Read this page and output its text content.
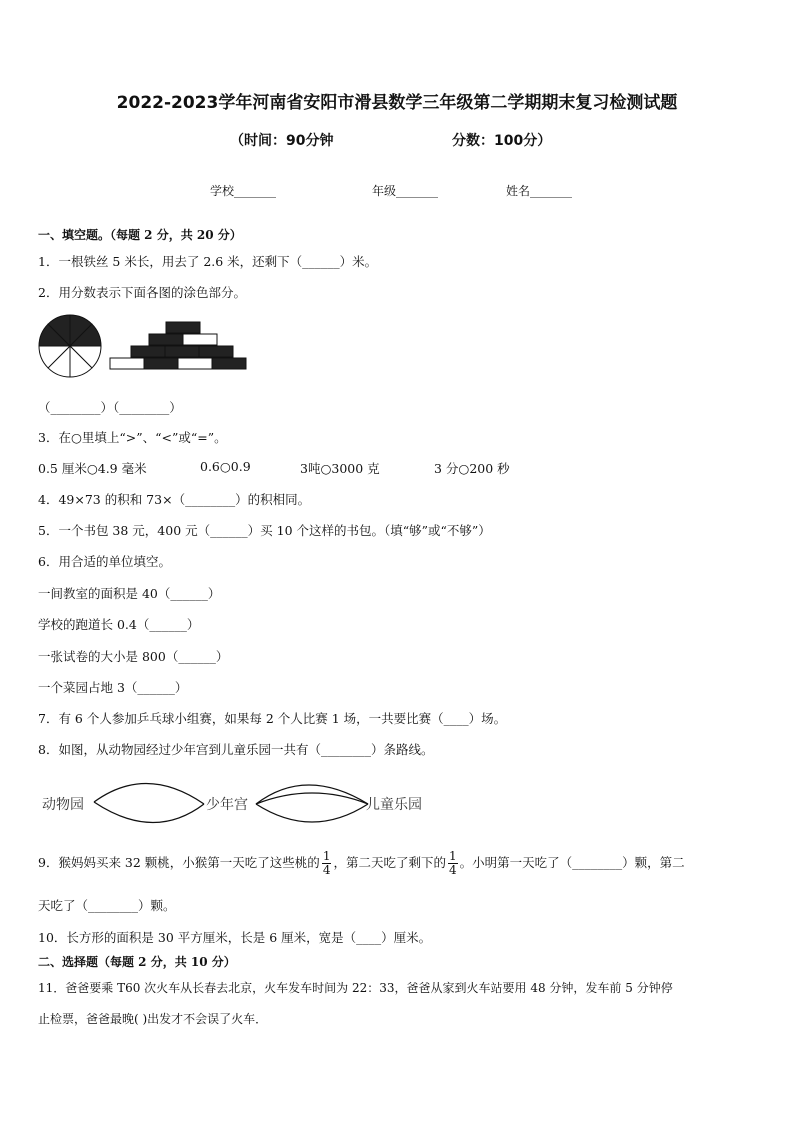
2022-2023学年河南省安阳市滑县数学三年级第二学期期末复习检测试题
（时间：90分钟	分数：100分）
学校_______	年级_______	姓名_______
一、填空题。（每题 2 分，共 20 分）
1．一根铁丝 5 米长，用去了 2.6 米，还剩下（______）米。
2．用分数表示下面各图的涂色部分。
（________）（________）
3．在○里填上“>”、“<”或“=”。
0.5 厘米○4.9 毫米	0.6○0.9	3吨○3000 克	3 分○200 秒
4．49×73 的积和 73×（________）的积相同。
5．一个书包 38 元，400 元（______）买 10 个这样的书包。（填“够”或“不够”）
6．用合适的单位填空。
一间教室的面积是 40（______）
学校的跑道长 0.4（______）
一张试卷的大小是 800（______）
一个菜园占地 3（______）
7．有 6 个人参加乒乓球小组赛，如果每 2 个人比赛 1 场，一共要比赛（____）场。
8．如图，从动物园经过少年宫到儿童乐园一共有（________）条路线。
动物园	少年宫	儿童乐园
9．猴妈妈买来 32 颗桃，小猴第一天吃了这些桃的 $\frac{1}{4}$ ，第二天吃了剩下的 $\frac{1}{4}$ 。小明第一天吃了（________）颗，第二
天吃了（________）颗。
10．长方形的面积是 30 平方厘米，长是 6 厘米，宽是（____）厘米。
二、选择题（每题 2 分，共 10 分）
11．爸爸要乘 T60 次火车从长春去北京，火车发车时间为 22：33，爸爸从家到火车站要用 48 分钟，发车前 5 分钟停
止检票，爸爸最晚( )出发才不会误了火车．
